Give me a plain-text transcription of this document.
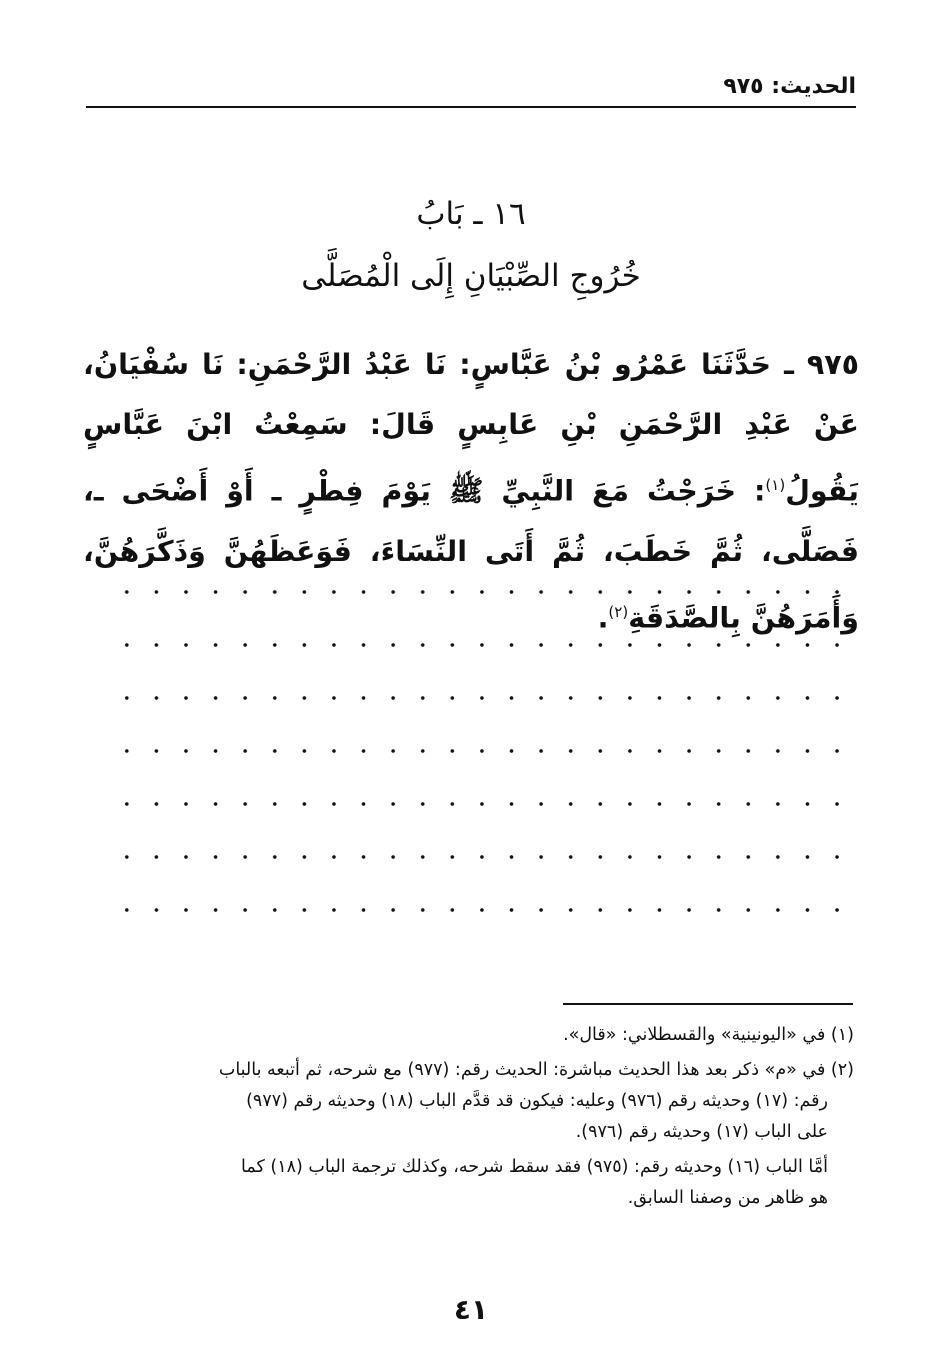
الحديث: ٩٧٥
١٦ ـ بَابُ
خُرُوجِ الصِّبْيَانِ إِلَى الْمُصَلَّى

٩٧٥ ـ حَدَّثَنَا عَمْرُو بْنُ عَبَّاسٍ: نَا عَبْدُ الرَّحْمَنِ: نَا سُفْيَانُ، عَنْ عَبْدِ الرَّحْمَنِ بْنِ عَابِسٍ قَالَ: سَمِعْتُ ابْنَ عَبَّاسٍ يَقُولُ$^{(١)}$: خَرَجْتُ مَعَ النَّبِيِّ ﷺ يَوْمَ فِطْرٍ ـ أَوْ أَضْحَى ـ، فَصَلَّى، ثُمَّ خَطَبَ، ثُمَّ أَتَى النِّسَاءَ، فَوَعَظَهُنَّ وَذَكَّرَهُنَّ، وَأَمَرَهُنَّ بِالصَّدَقَةِ$^{(٢)}$.

(١) في «اليونينية» والقسطلاني: «قال».
(٢) في «م» ذكر بعد هذا الحديث مباشرة: الحديث رقم: (٩٧٧) مع شرحه، ثم أتبعه بالباب
رقم: (١٧) وحديثه رقم (٩٧٦) وعليه: فيكون قد قدَّم الباب (١٨) وحديثه رقم (٩٧٧)
على الباب (١٧) وحديثه رقم (٩٧٦).
أمَّا الباب (١٦) وحديثه رقم: (٩٧٥) فقد سقط شرحه، وكذلك ترجمة الباب (١٨) كما
هو ظاهر من وصفنا السابق.
٤١
